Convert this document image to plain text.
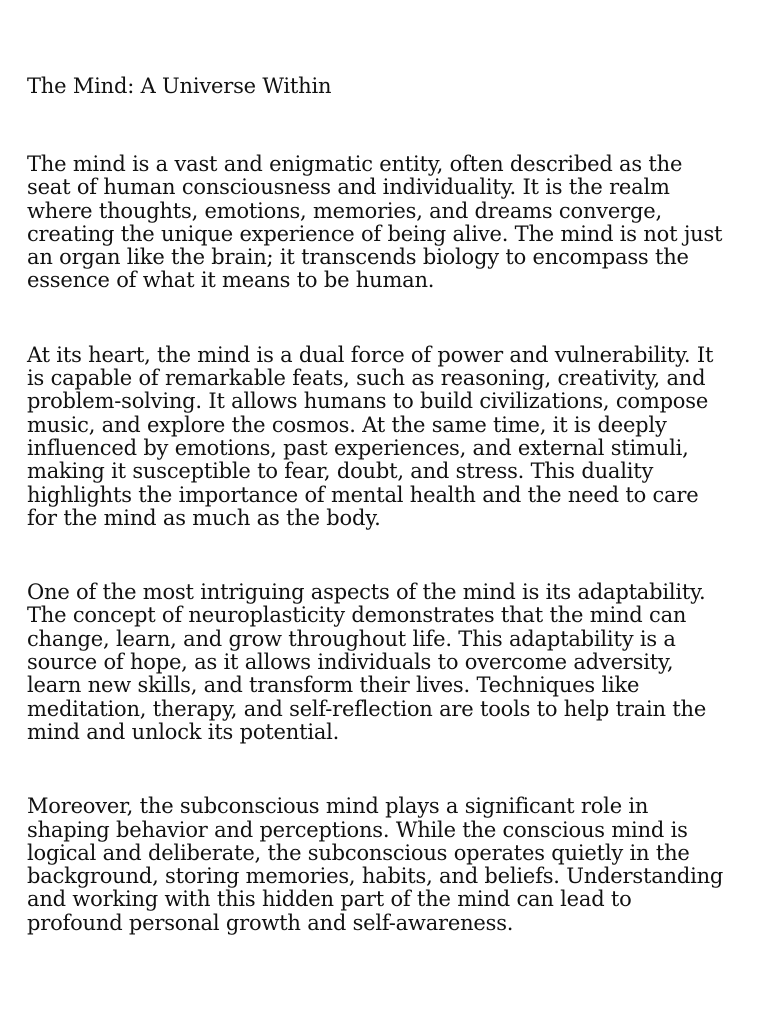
The Mind: A Universe Within

The mind is a vast and enigmatic entity, often described as the seat of human consciousness and individuality. It is the realm where thoughts, emotions, memories, and dreams converge, creating the unique experience of being alive. The mind is not just an organ like the brain; it transcends biology to encompass the essence of what it means to be human.

At its heart, the mind is a dual force of power and vulnerability. It is capable of remarkable feats, such as reasoning, creativity, and problem-solving. It allows humans to build civilizations, compose music, and explore the cosmos. At the same time, it is deeply influenced by emotions, past experiences, and external stimuli, making it susceptible to fear, doubt, and stress. This duality highlights the importance of mental health and the need to care for the mind as much as the body.

One of the most intriguing aspects of the mind is its adaptability. The concept of neuroplasticity demonstrates that the mind can change, learn, and grow throughout life. This adaptability is a source of hope, as it allows individuals to overcome adversity, learn new skills, and transform their lives. Techniques like meditation, therapy, and self-reflection are tools to help train the mind and unlock its potential.

Moreover, the subconscious mind plays a significant role in shaping behavior and perceptions. While the conscious mind is logical and deliberate, the subconscious operates quietly in the background, storing memories, habits, and beliefs. Understanding and working with this hidden part of the mind can lead to profound personal growth and self-awareness.
